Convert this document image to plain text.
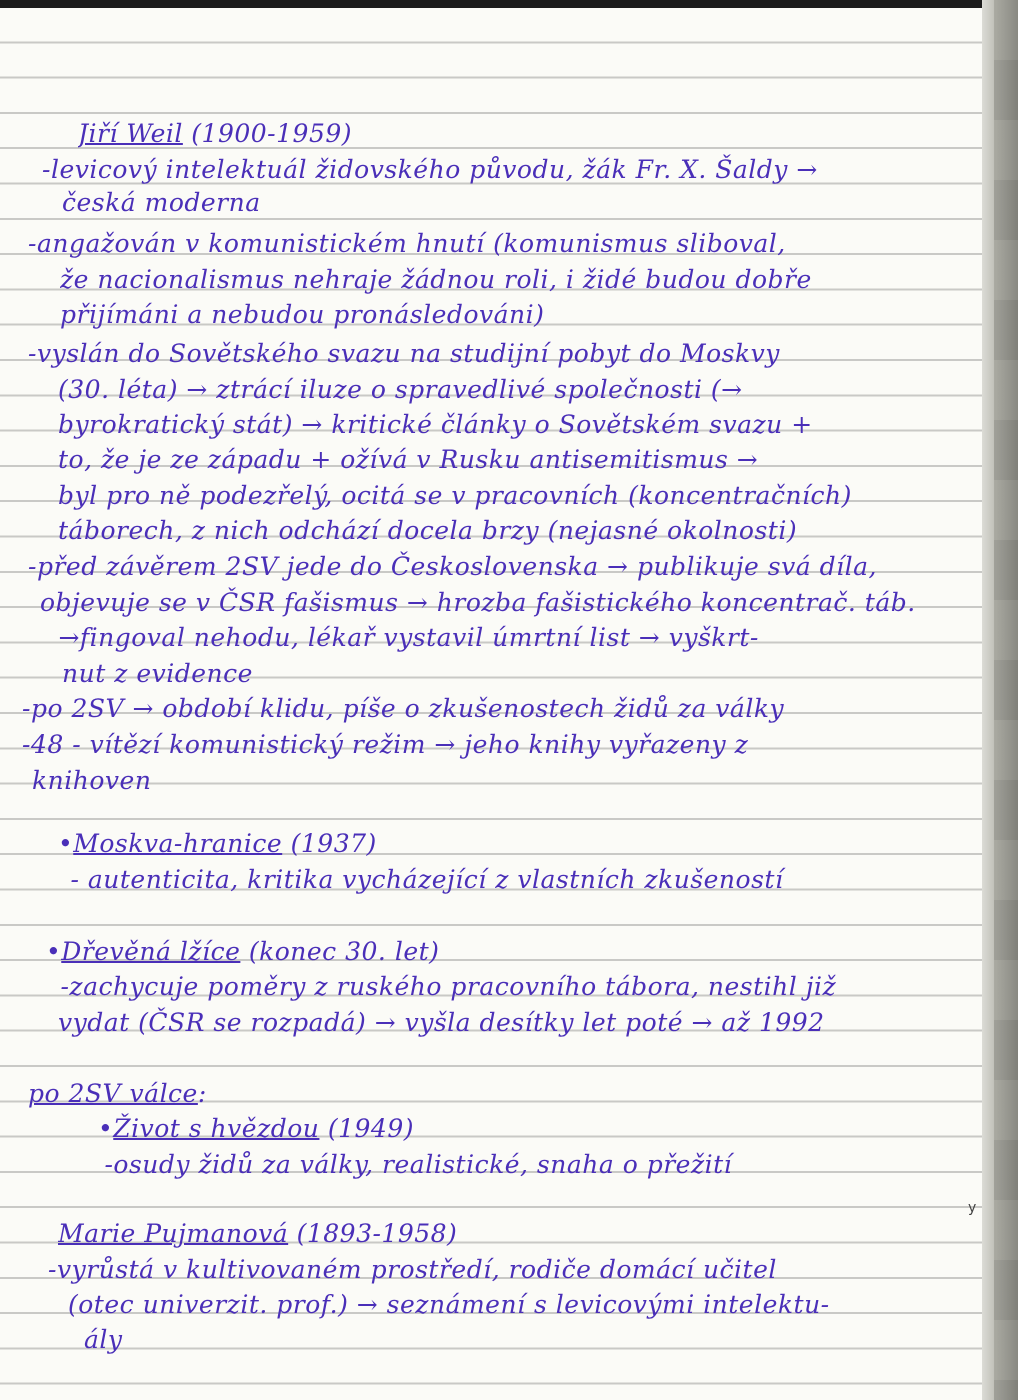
Jiří Weil (1900-1959)
-levicový intelektuál židovského původu, žák Fr. X. Šaldy →
česká moderna
-angažován v komunistickém hnutí (komunismus sliboval,
že nacionalismus nehraje žádnou roli, i židé budou dobře
přijímáni a nebudou pronásledováni)
-vyslán do Sovětského svazu na studijní pobyt do Moskvy
(30. léta) → ztrácí iluze o spravedlivé společnosti (→
byrokratický stát) → kritické články o Sovětském svazu +
to, že je ze západu + ožívá v Rusku antisemitismus →
byl pro ně podezřelý, ocitá se v pracovních (koncentračních)
táborech, z nich odchází docela brzy (nejasné okolnosti)
-před závěrem 2SV jede do Československa → publikuje svá díla,
objevuje se v ČSR fašismus → hrozba fašistického koncentrač. táb.
→fingoval nehodu, lékař vystavil úmrtní list → vyškrt-
nut z evidence
-po 2SV → období klidu, píše o zkušenostech židů za války
-48 - vítězí komunistický režim → jeho knihy vyřazeny z
knihoven
•Moskva-hranice (1937)
- autenticita, kritika vycházející z vlastních zkušeností
•Dřevěná lžíce (konec 30. let)
-zachycuje poměry z ruského pracovního tábora, nestihl již
vydat (ČSR se rozpadá) → vyšla desítky let poté → až 1992
po 2SV válce:
•Život s hvězdou (1949)
-osudy židů za války, realistické, snaha o přežití
Marie Pujmanová (1893-1958)
-vyrůstá v kultivovaném prostředí, rodiče domácí učitel
(otec univerzit. prof.) → seznámení s levicovými intelektu-
ály
y
